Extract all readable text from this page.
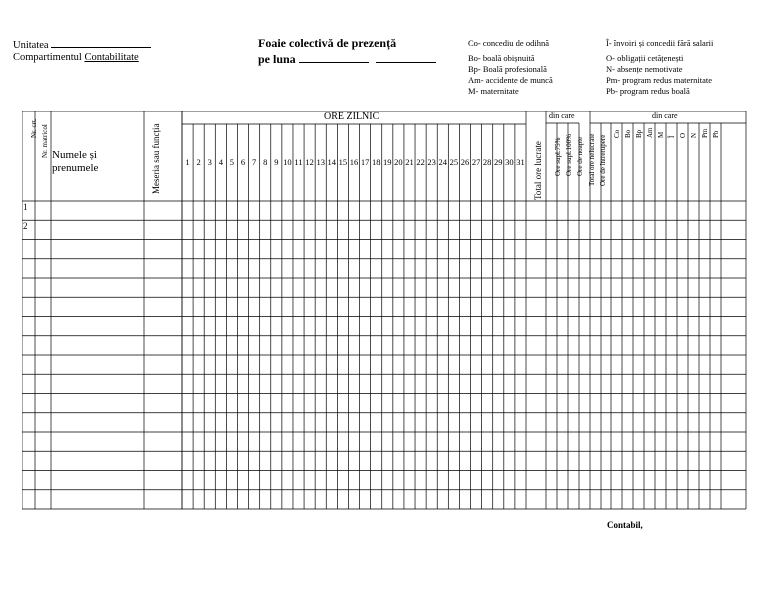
Unitatea
Compartimentul Contabilitate
Foaie colectivă de prezență
pe luna
Co- concediu de odihnă
Bo- boală obișnuită
Bp- Boală profesională
Am- accidente de muncă
M- maternitate
Î- învoiri și concedii fără salarii
O- obligații cetățenești
N- absențe nemotivate
Pm- program redus maternitate
Pb- program redus boală
Nr. crt. Nr. matricol Numele și prenumele	Meseria sau funcția
ORE ZILNIC
1 2 3 4 5 6 7 8 9 10 11 12 13 14 15 16 17 18 19 20 21 22 23 24 25 26 27 28 29 30 31 Total ore lucrate
din care
Ore supl.75% Ore supl.100% Ore de noapte Total ore nelucrate Ore de întrerupere
din care
Co Bo Bp Am M Î O N Pm Pb
1
2
Contabil,
